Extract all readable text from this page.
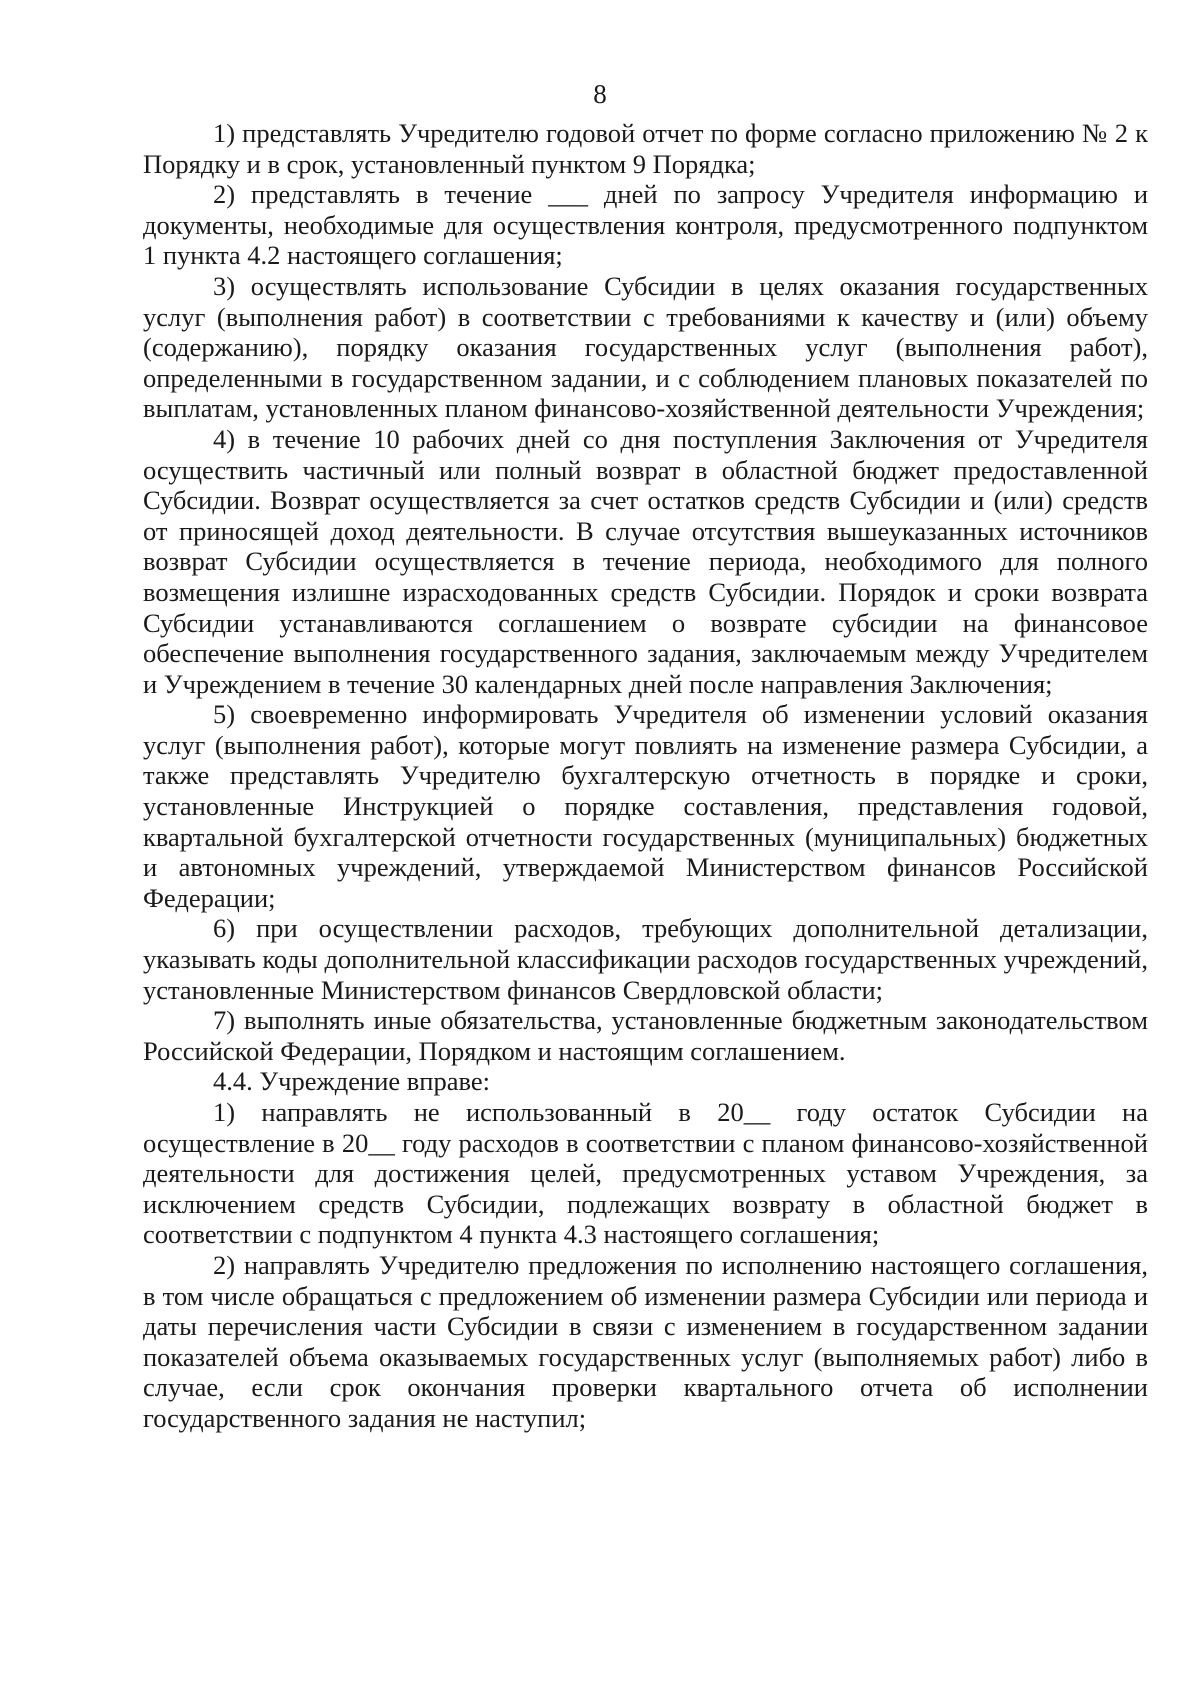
8

1) представлять Учредителю годовой отчет по форме согласно приложению № 2 к Порядку и в срок, установленный пунктом 9 Порядка;

2) представлять в течение ___ дней по запросу Учредителя информацию и документы, необходимые для осуществления контроля, предусмотренного подпунктом 1 пункта 4.2 настоящего соглашения;

3) осуществлять использование Субсидии в целях оказания государственных услуг (выполнения работ) в соответствии с требованиями к качеству и (или) объему (содержанию), порядку оказания государственных услуг (выполнения работ), определенными в государственном задании, и с соблюдением плановых показателей по выплатам, установленных планом финансово-хозяйственной деятельности Учреждения;

4) в течение 10 рабочих дней со дня поступления Заключения от Учредителя осуществить частичный или полный возврат в областной бюджет предоставленной Субсидии. Возврат осуществляется за счет остатков средств Субсидии и (или) средств от приносящей доход деятельности. В случае отсутствия вышеуказанных источников возврат Субсидии осуществляется в течение периода, необходимого для полного возмещения излишне израсходованных средств Субсидии. Порядок и сроки возврата Субсидии устанавливаются соглашением о возврате субсидии на финансовое обеспечение выполнения государственного задания, заключаемым между Учредителем и Учреждением в течение 30 календарных дней после направления Заключения;

5) своевременно информировать Учредителя об изменении условий оказания услуг (выполнения работ), которые могут повлиять на изменение размера Субсидии, а также представлять Учредителю бухгалтерскую отчетность в порядке и сроки, установленные Инструкцией о порядке составления, представления годовой, квартальной бухгалтерской отчетности государственных (муниципальных) бюджетных и автономных учреждений, утверждаемой Министерством финансов Российской Федерации;

6) при осуществлении расходов, требующих дополнительной детализации, указывать коды дополнительной классификации расходов государственных учреждений, установленные Министерством финансов Свердловской области;

7) выполнять иные обязательства, установленные бюджетным законодательством Российской Федерации, Порядком и настоящим соглашением.

4.4. Учреждение вправе:

1) направлять не использованный в 20__ году остаток Субсидии на осуществление в 20__ году расходов в соответствии с планом финансово-хозяйственной деятельности для достижения целей, предусмотренных уставом Учреждения, за исключением средств Субсидии, подлежащих возврату в областной бюджет в соответствии с подпунктом 4 пункта 4.3 настоящего соглашения;

2) направлять Учредителю предложения по исполнению настоящего соглашения, в том числе обращаться с предложением об изменении размера Субсидии или периода и даты перечисления части Субсидии в связи с изменением в государственном задании показателей объема оказываемых государственных услуг (выполняемых работ) либо в случае, если срок окончания проверки квартального отчета об исполнении государственного задания не наступил;
